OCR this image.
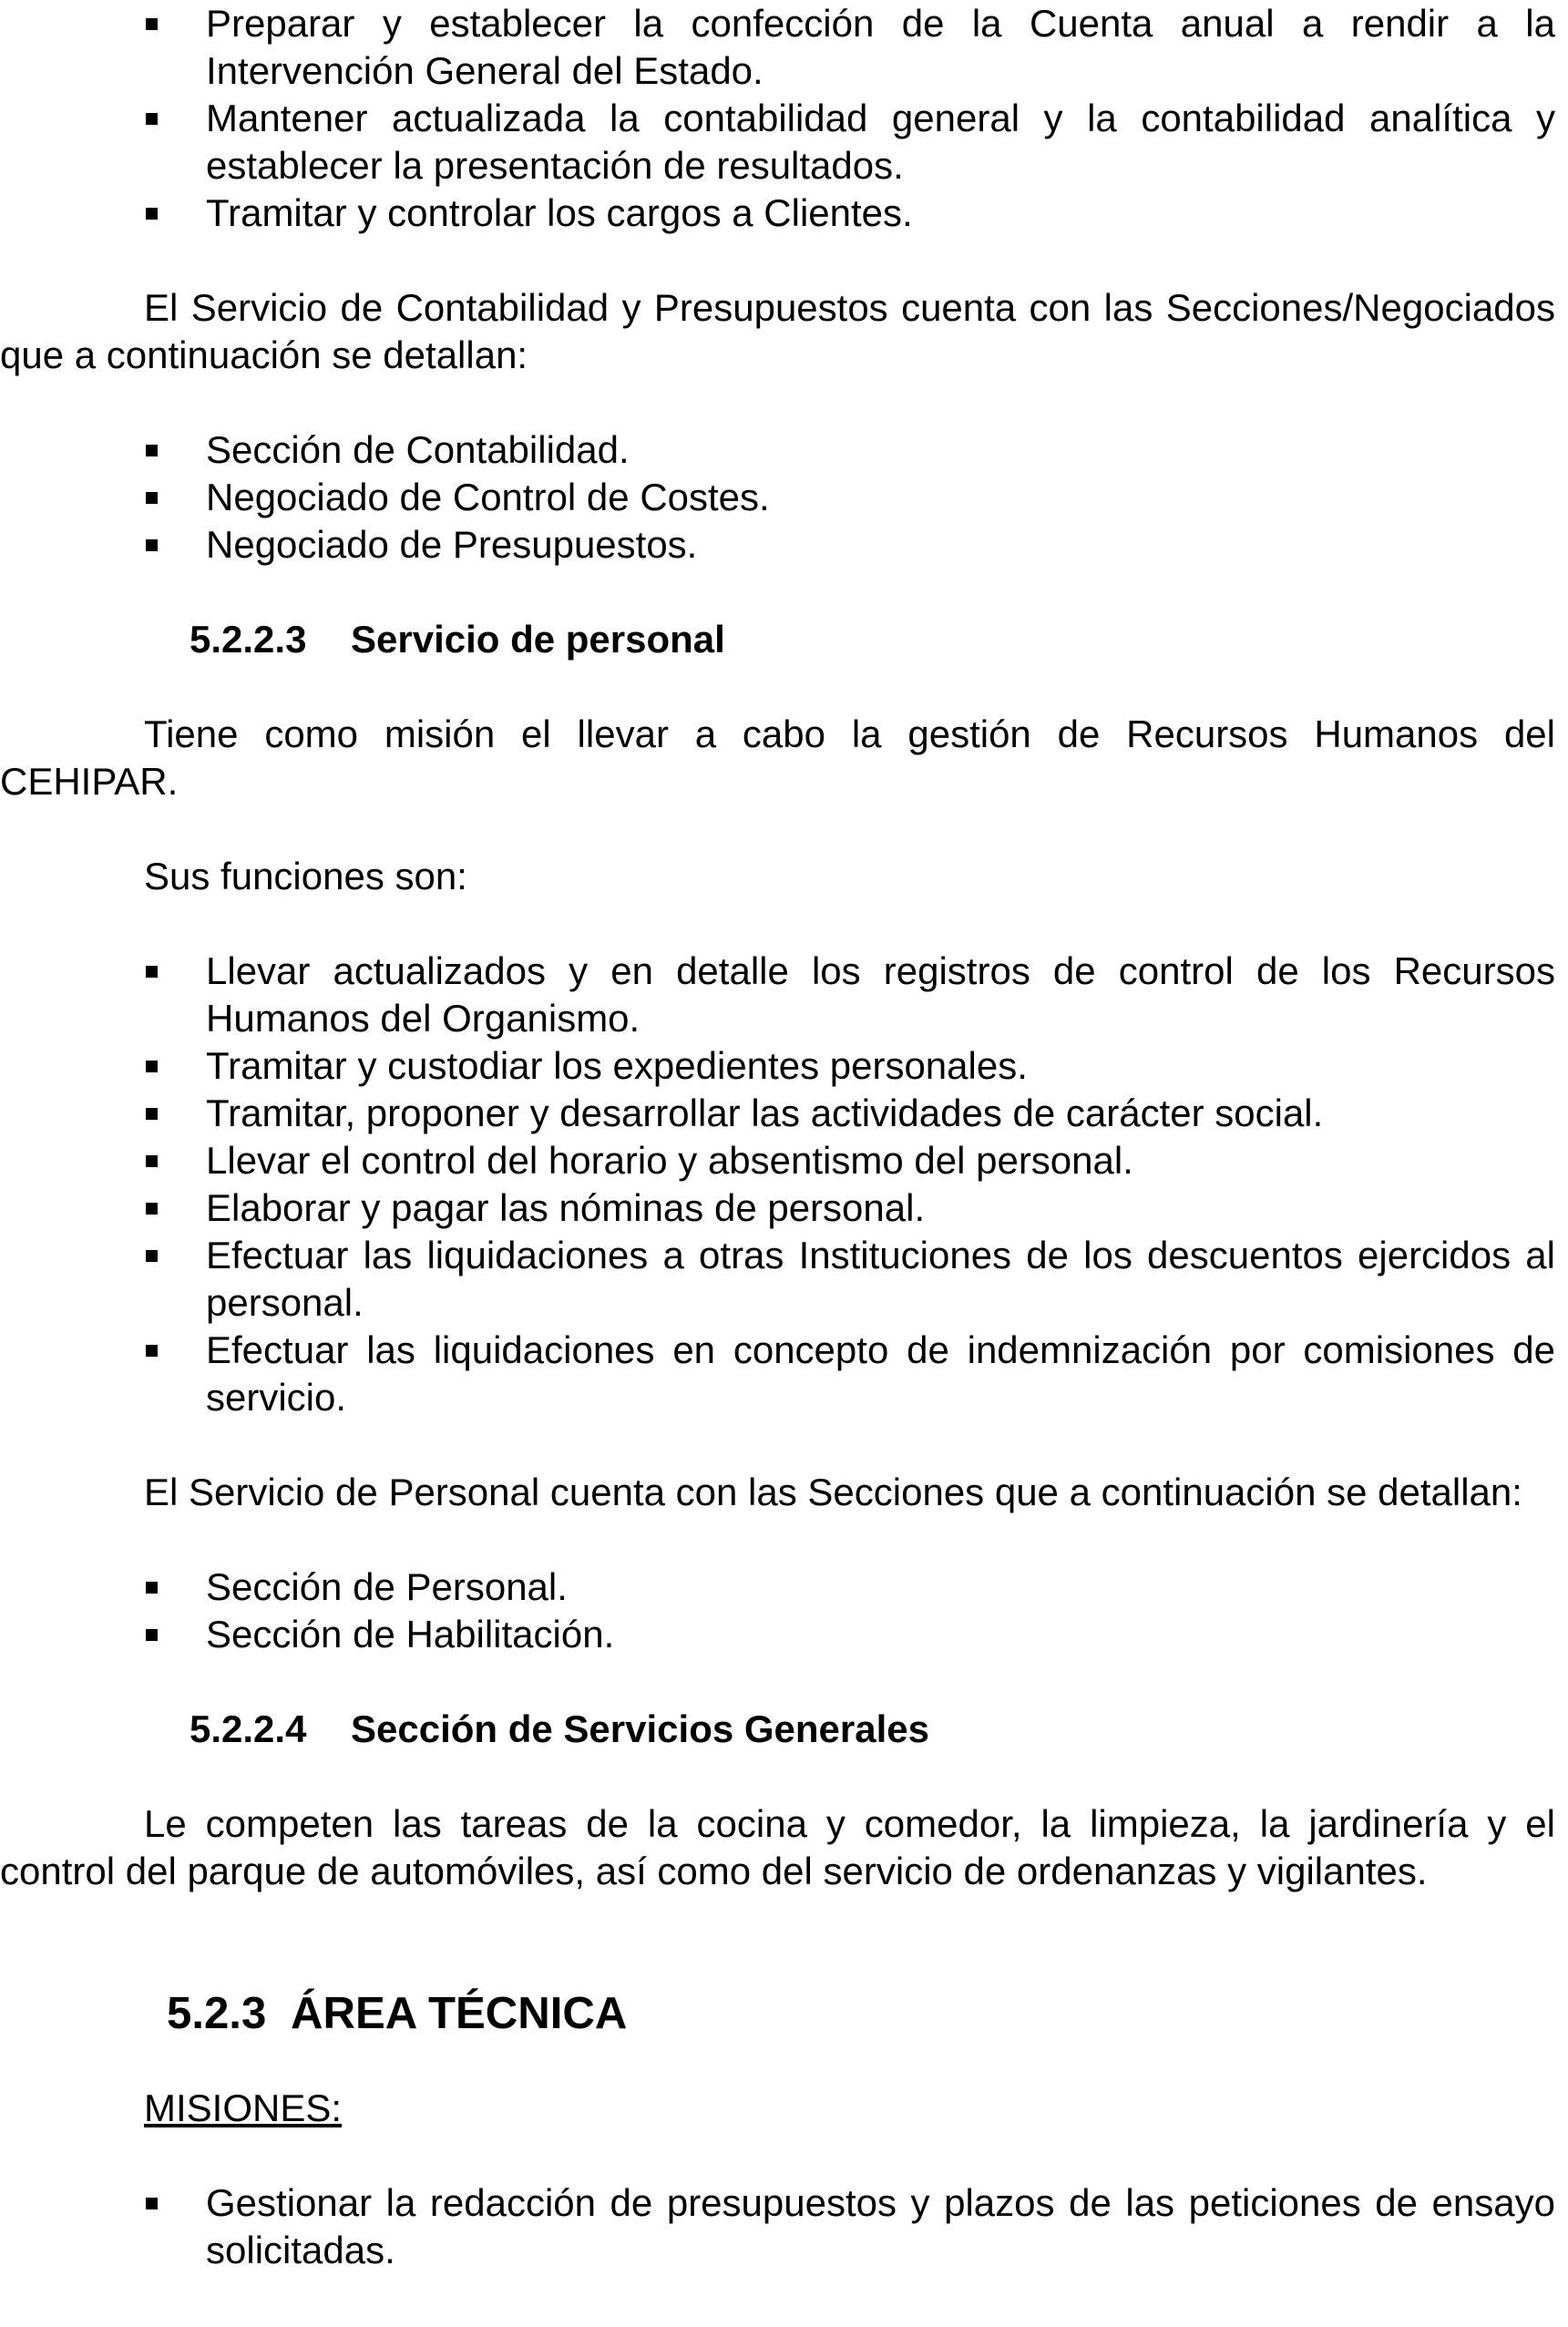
Preparar y establecer la confección de la Cuenta anual a rendir a la Intervención General del Estado.
Mantener actualizada la contabilidad general y la contabilidad analítica y establecer la presentación de resultados.
Tramitar y controlar los cargos a Clientes.

El Servicio de Contabilidad y Presupuestos cuenta con las Secciones/Negociados que a continuación se detallan:

Sección de Contabilidad.
Negociado de Control de Costes.
Negociado de Presupuestos.
5.2.2.3 Servicio de personal

Tiene como misión el llevar a cabo la gestión de Recursos Humanos del CEHIPAR.

Sus funciones son:

Llevar actualizados y en detalle los registros de control de los Recursos Humanos del Organismo.
Tramitar y custodiar los expedientes personales.
Tramitar, proponer y desarrollar las actividades de carácter social.
Llevar el control del horario y absentismo del personal.
Elaborar y pagar las nóminas de personal.
Efectuar las liquidaciones a otras Instituciones de los descuentos ejercidos al personal.
Efectuar las liquidaciones en concepto de indemnización por comisiones de servicio.

El Servicio de Personal cuenta con las Secciones que a continuación se detallan:

Sección de Personal.
Sección de Habilitación.
5.2.2.4 Sección de Servicios Generales

Le competen las tareas de la cocina y comedor, la limpieza, la jardinería y el control del parque de automóviles, así como del servicio de ordenanzas y vigilantes.

5.2.3 ÁREA TÉCNICA

MISIONES:

Gestionar la redacción de presupuestos y plazos de las peticiones de ensayo solicitadas.
